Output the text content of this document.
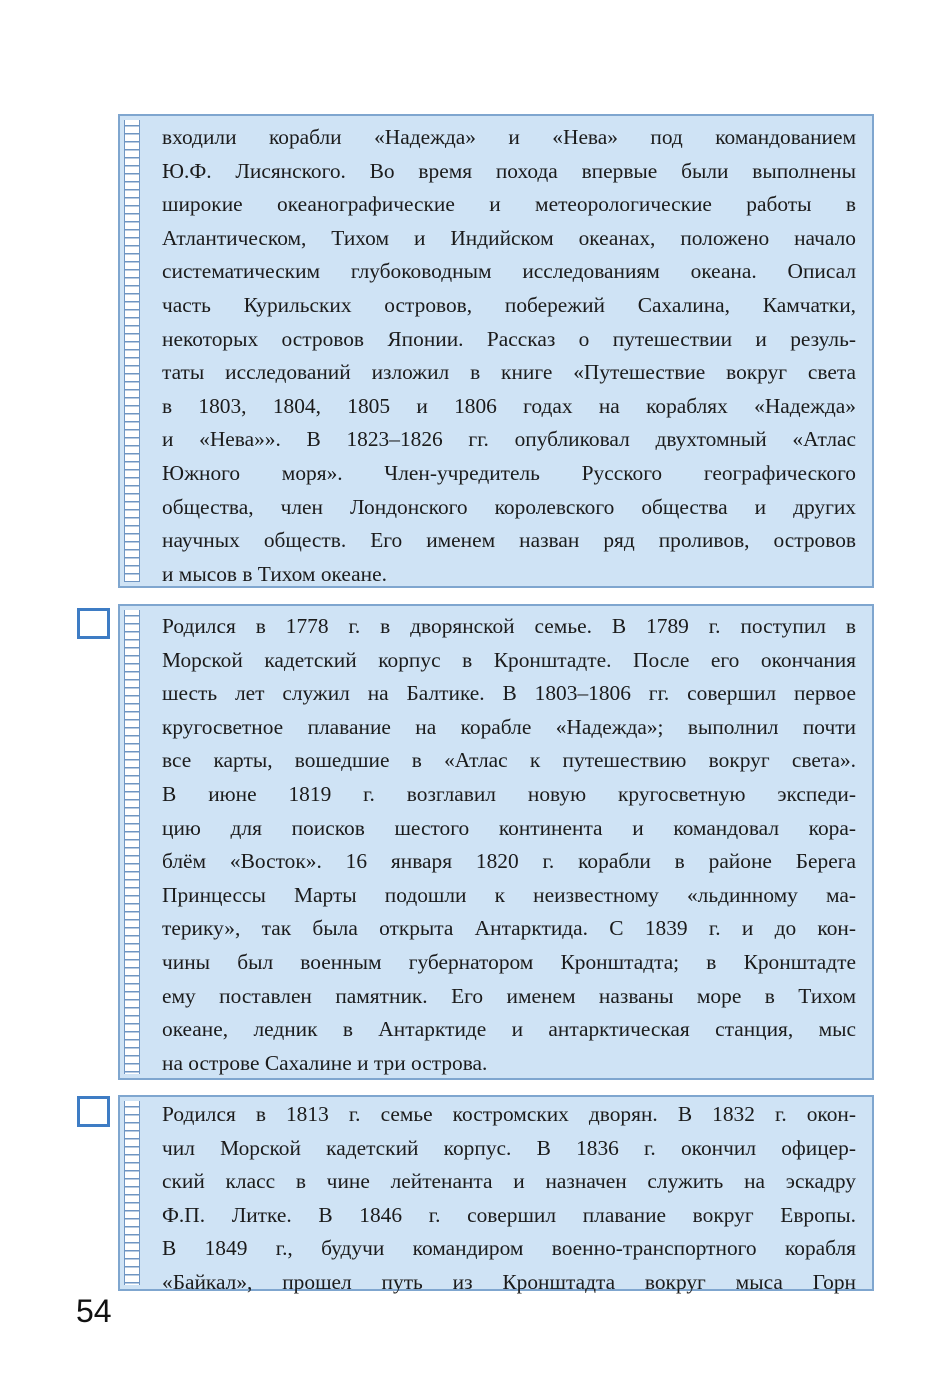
входили корабли «Надежда» и «Нева» под командованием
Ю.Ф. Лисянского. Во время похода впервые были выполнены
широкие океанографические и метеорологические работы в
Атлантическом, Тихом и Индийском океанах, положено начало
систематическим глубоководным исследованиям океана. Описал
часть Курильских островов, побережий Сахалина, Камчатки,
некоторых островов Японии. Рассказ о путешествии и резуль-
таты исследований изложил в книге «Путешествие вокруг света
в 1803, 1804, 1805 и 1806 годах на кораблях «Надежда»
и «Нева»». В 1823–1826 гг. опубликовал двухтомный «Атлас
Южного моря». Член-учредитель Русского географического
общества, член Лондонского королевского общества и других
научных обществ. Его именем назван ряд проливов, островов
и мысов в Тихом океане.
Родился в 1778 г. в дворянской семье. В 1789 г. поступил в
Морской кадетский корпус в Кронштадте. После его окончания
шесть лет служил на Балтике. В 1803–1806 гг. совершил первое
кругосветное плавание на корабле «Надежда»; выполнил почти
все карты, вошедшие в «Атлас к путешествию вокруг света».
В июне 1819 г. возглавил новую кругосветную экспеди-
цию для поисков шестого континента и командовал кора-
блём «Восток». 16 января 1820 г. корабли в районе Берега
Принцессы Марты подошли к неизвестному «льдинному ма-
терику», так была открыта Антарктида. С 1839 г. и до кон-
чины был военным губернатором Кронштадта; в Кронштадте
ему поставлен памятник. Его именем названы море в Тихом
океане, ледник в Антарктиде и антарктическая станция, мыс
на острове Сахалине и три острова.
Родился в 1813 г. семье костромских дворян. В 1832 г. окон-
чил Морской кадетский корпус. В 1836 г. окончил офицер-
ский класс в чине лейтенанта и назначен служить на эскадру
Ф.П. Литке. В 1846 г. совершил плавание вокруг Европы.
В 1849 г., будучи командиром военно-транспортного корабля
«Байкал», прошел путь из Кронштадта вокруг мыса Горн
54
